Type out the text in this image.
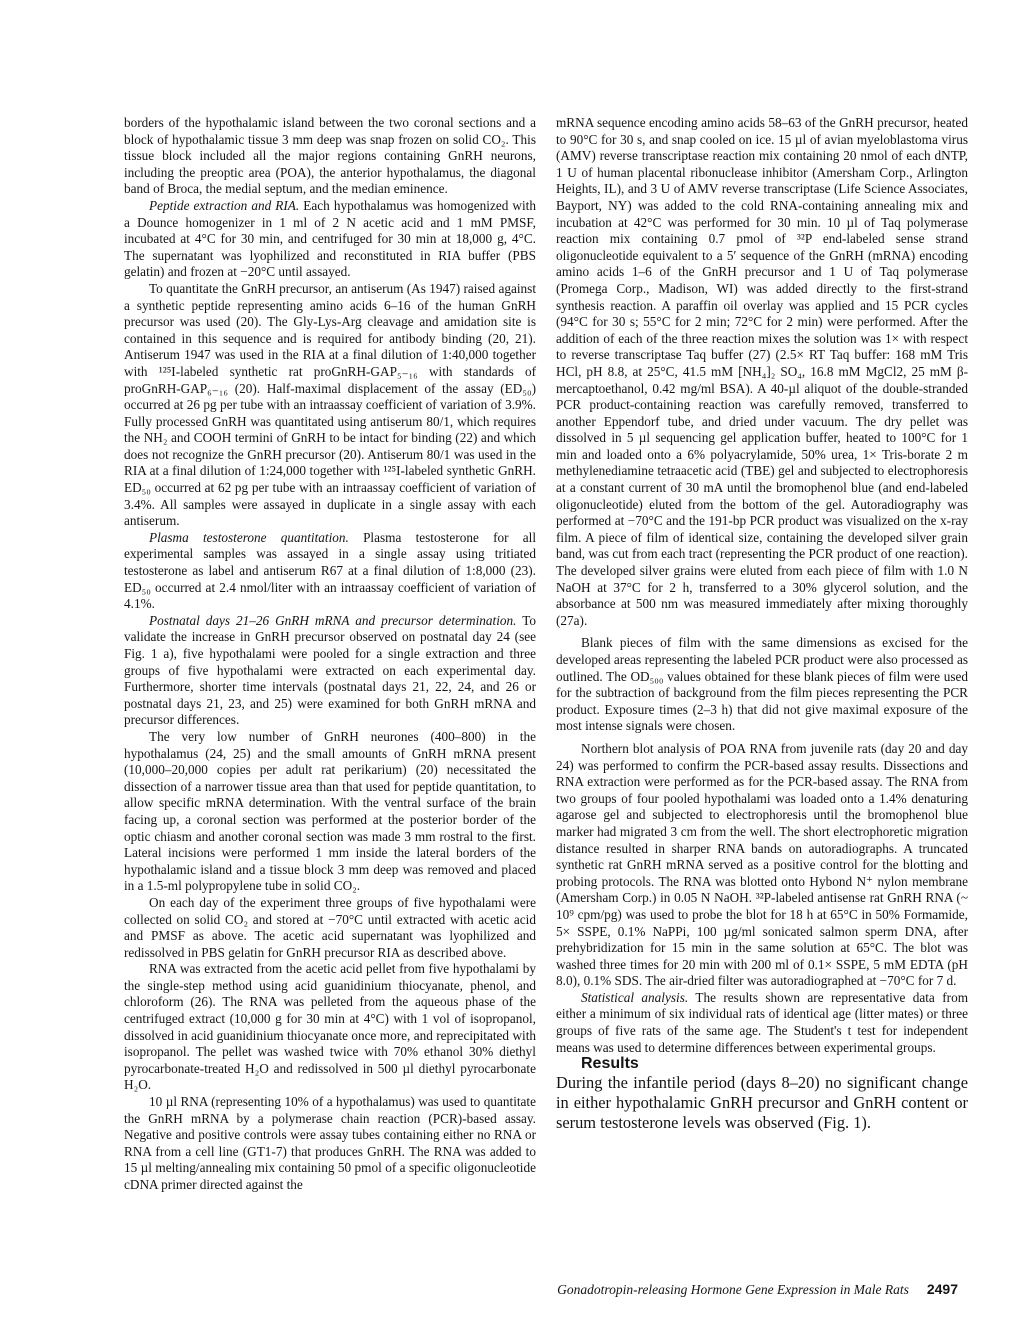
borders of the hypothalamic island between the two coronal sections and a block of hypothalamic tissue 3 mm deep was snap frozen on solid CO₂. This tissue block included all the major regions containing GnRH neurons, including the preoptic area (POA), the anterior hypothalamus, the diagonal band of Broca, the medial septum, and the median eminence.

Peptide extraction and RIA. Each hypothalamus was homogenized with a Dounce homogenizer in 1 ml of 2 N acetic acid and 1 mM PMSF, incubated at 4°C for 30 min, and centrifuged for 30 min at 18,000 g, 4°C. The supernatant was lyophilized and reconstituted in RIA buffer (PBS gelatin) and frozen at −20°C until assayed.

To quantitate the GnRH precursor, an antiserum (As 1947) raised against a synthetic peptide representing amino acids 6–16 of the human GnRH precursor was used (20). The Gly-Lys-Arg cleavage and amidation site is contained in this sequence and is required for antibody binding (20, 21). Antiserum 1947 was used in the RIA at a final dilution of 1:40,000 together with ¹²⁵I-labeled synthetic rat proGnRH-GAP₅₋₁₆ with standards of proGnRH-GAP₆₋₁₆ (20). Half-maximal displacement of the assay (ED₅₀) occurred at 26 pg per tube with an intraassay coefficient of variation of 3.9%. Fully processed GnRH was quantitated using antiserum 80/1, which requires the NH₂ and COOH termini of GnRH to be intact for binding (22) and which does not recognize the GnRH precursor (20). Antiserum 80/1 was used in the RIA at a final dilution of 1:24,000 together with ¹²⁵I-labeled synthetic GnRH. ED₅₀ occurred at 62 pg per tube with an intraassay coefficient of variation of 3.4%. All samples were assayed in duplicate in a single assay with each antiserum.

Plasma testosterone quantitation. Plasma testosterone for all experimental samples was assayed in a single assay using tritiated testosterone as label and antiserum R67 at a final dilution of 1:8,000 (23). ED₅₀ occurred at 2.4 nmol/liter with an intraassay coefficient of variation of 4.1%.

Postnatal days 21–26 GnRH mRNA and precursor determination. To validate the increase in GnRH precursor observed on postnatal day 24 (see Fig. 1 a), five hypothalami were pooled for a single extraction and three groups of five hypothalami were extracted on each experimental day. Furthermore, shorter time intervals (postnatal days 21, 22, 24, and 26 or postnatal days 21, 23, and 25) were examined for both GnRH mRNA and precursor differences.

The very low number of GnRH neurones (400–800) in the hypothalamus (24, 25) and the small amounts of GnRH mRNA present (10,000–20,000 copies per adult rat perikarium) (20) necessitated the dissection of a narrower tissue area than that used for peptide quantitation, to allow specific mRNA determination. With the ventral surface of the brain facing up, a coronal section was performed at the posterior border of the optic chiasm and another coronal section was made 3 mm rostral to the first. Lateral incisions were performed 1 mm inside the lateral borders of the hypothalamic island and a tissue block 3 mm deep was removed and placed in a 1.5-ml polypropylene tube in solid CO₂.

On each day of the experiment three groups of five hypothalami were collected on solid CO₂ and stored at −70°C until extracted with acetic acid and PMSF as above. The acetic acid supernatant was lyophilized and redissolved in PBS gelatin for GnRH precursor RIA as described above.

RNA was extracted from the acetic acid pellet from five hypothalami by the single-step method using acid guanidinium thiocyanate, phenol, and chloroform (26). The RNA was pelleted from the aqueous phase of the centrifuged extract (10,000 g for 30 min at 4°C) with 1 vol of isopropanol, dissolved in acid guanidinium thiocyanate once more, and reprecipitated with isopropanol. The pellet was washed twice with 70% ethanol 30% diethyl pyrocarbonate-treated H₂O and redissolved in 500 µl diethyl pyrocarbonate H₂O.

10 µl RNA (representing 10% of a hypothalamus) was used to quantitate the GnRH mRNA by a polymerase chain reaction (PCR)-based assay. Negative and positive controls were assay tubes containing either no RNA or RNA from a cell line (GT1-7) that produces GnRH. The RNA was added to 15 µl melting/annealing mix containing 50 pmol of a specific oligonucleotide cDNA primer directed against the

mRNA sequence encoding amino acids 58–63 of the GnRH precursor, heated to 90°C for 30 s, and snap cooled on ice. 15 µl of avian myeloblastoma virus (AMV) reverse transcriptase reaction mix containing 20 nmol of each dNTP, 1 U of human placental ribonuclease inhibitor (Amersham Corp., Arlington Heights, IL), and 3 U of AMV reverse transcriptase (Life Science Associates, Bayport, NY) was added to the cold RNA-containing annealing mix and incubation at 42°C was performed for 30 min. 10 µl of Taq polymerase reaction mix containing 0.7 pmol of ³²P end-labeled sense strand oligonucleotide equivalent to a 5′ sequence of the GnRH (mRNA) encoding amino acids 1–6 of the GnRH precursor and 1 U of Taq polymerase (Promega Corp., Madison, WI) was added directly to the first-strand synthesis reaction. A paraffin oil overlay was applied and 15 PCR cycles (94°C for 30 s; 55°C for 2 min; 72°C for 2 min) were performed. After the addition of each of the three reaction mixes the solution was 1× with respect to reverse transcriptase Taq buffer (27) (2.5× RT Taq buffer: 168 mM Tris HCl, pH 8.8, at 25°C, 41.5 mM [NH₄]₂ SO₄, 16.8 mM MgCl2, 25 mM β-mercaptoethanol, 0.42 mg/ml BSA). A 40-µl aliquot of the double-stranded PCR product-containing reaction was carefully removed, transferred to another Eppendorf tube, and dried under vacuum. The dry pellet was dissolved in 5 µl sequencing gel application buffer, heated to 100°C for 1 min and loaded onto a 6% polyacrylamide, 50% urea, 1× Tris-borate 2 m methylenediamine tetraacetic acid (TBE) gel and subjected to electrophoresis at a constant current of 30 mA until the bromophenol blue (and end-labeled oligonucleotide) eluted from the bottom of the gel. Autoradiography was performed at −70°C and the 191-bp PCR product was visualized on the x-ray film. A piece of film of identical size, containing the developed silver grain band, was cut from each tract (representing the PCR product of one reaction). The developed silver grains were eluted from each piece of film with 1.0 N NaOH at 37°C for 2 h, transferred to a 30% glycerol solution, and the absorbance at 500 nm was measured immediately after mixing thoroughly (27a).

Blank pieces of film with the same dimensions as excised for the developed areas representing the labeled PCR product were also processed as outlined. The OD₅₀₀ values obtained for these blank pieces of film were used for the subtraction of background from the film pieces representing the PCR product. Exposure times (2–3 h) that did not give maximal exposure of the most intense signals were chosen.

Northern blot analysis of POA RNA from juvenile rats (day 20 and day 24) was performed to confirm the PCR-based assay results. Dissections and RNA extraction were performed as for the PCR-based assay. The RNA from two groups of four pooled hypothalami was loaded onto a 1.4% denaturing agarose gel and subjected to electrophoresis until the bromophenol blue marker had migrated 3 cm from the well. The short electrophoretic migration distance resulted in sharper RNA bands on autoradiographs. A truncated synthetic rat GnRH mRNA served as a positive control for the blotting and probing protocols. The RNA was blotted onto Hybond N⁺ nylon membrane (Amersham Corp.) in 0.05 N NaOH. ³²P-labeled antisense rat GnRH RNA (~ 10⁹ cpm/pg) was used to probe the blot for 18 h at 65°C in 50% Formamide, 5× SSPE, 0.1% NaPPi, 100 µg/ml sonicated salmon sperm DNA, after prehybridization for 15 min in the same solution at 65°C. The blot was washed three times for 20 min with 200 ml of 0.1× SSPE, 5 mM EDTA (pH 8.0), 0.1% SDS. The air-dried filter was autoradiographed at −70°C for 7 d.

Statistical analysis. The results shown are representative data from either a minimum of six individual rats of identical age (litter mates) or three groups of five rats of the same age. The Student's t test for independent means was used to determine differences between experimental groups.

Results

During the infantile period (days 8–20) no significant change in either hypothalamic GnRH precursor and GnRH content or serum testosterone levels was observed (Fig. 1).

Gonadotropin-releasing Hormone Gene Expression in Male Rats 2497
